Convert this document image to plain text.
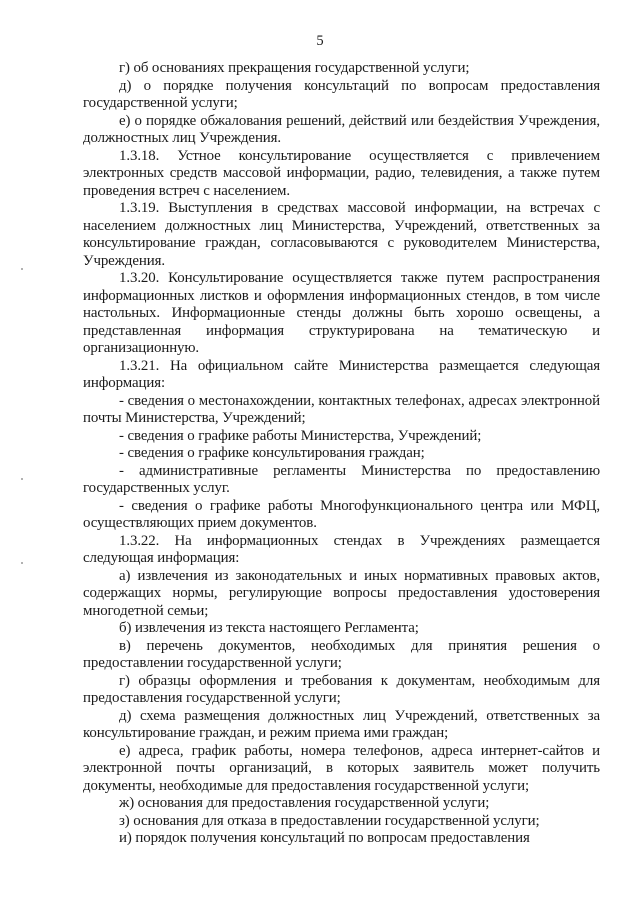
5

г) об основаниях прекращения государственной услуги;

д) о порядке получения консультаций по вопросам предоставления государственной услуги;

е) о порядке обжалования решений, действий или бездействия Учреждения, должностных лиц Учреждения.

1.3.18. Устное консультирование осуществляется с привлечением электронных средств массовой информации, радио, телевидения, а также путем проведения встреч с населением.

1.3.19. Выступления в средствах массовой информации, на встречах с населением должностных лиц Министерства, Учреждений, ответственных за консультирование граждан, согласовываются с руководителем Министерства, Учреждения.

1.3.20. Консультирование осуществляется также путем распространения информационных листков и оформления информационных стендов, в том числе настольных. Информационные стенды должны быть хорошо освещены, а представленная информация структурирована на тематическую и организационную.

1.3.21. На официальном сайте Министерства размещается следующая информация:

- сведения о местонахождении, контактных телефонах, адресах электронной почты Министерства, Учреждений;

- сведения о графике работы Министерства, Учреждений;

- сведения о графике консультирования граждан;

- административные регламенты Министерства по предоставлению государственных услуг.

- сведения о графике работы Многофункционального центра или МФЦ, осуществляющих прием документов.

1.3.22. На информационных стендах в Учреждениях размещается следующая информация:

а) извлечения из законодательных и иных нормативных правовых актов, содержащих нормы, регулирующие вопросы предоставления удостоверения многодетной семьи;

б) извлечения из текста настоящего Регламента;

в) перечень документов, необходимых для принятия решения о предоставлении государственной услуги;

г) образцы оформления и требования к документам, необходимым для предоставления государственной услуги;

д) схема размещения должностных лиц Учреждений, ответственных за консультирование граждан, и режим приема ими граждан;

е) адреса, график работы, номера телефонов, адреса интернет-сайтов и электронной почты организаций, в которых заявитель может получить документы, необходимые для предоставления государственной услуги;

ж) основания для предоставления государственной услуги;

з) основания для отказа в предоставлении государственной услуги;

и) порядок получения консультаций по вопросам предоставления
